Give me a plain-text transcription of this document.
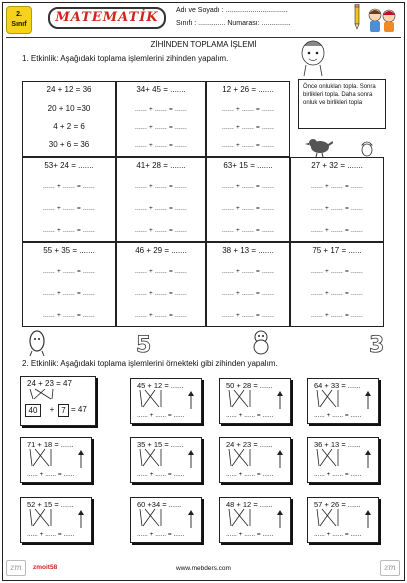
2.
Sınıf	MATEMATİK	Adı ve Soyadı : ................................
Sınıfı : .............. Numarası: ...............
ZİHİNDEN TOPLAMA İŞLEMİ
1. Etkinlik: Aşağıdaki toplama işlemlerini zihinden yapalım.
24 + 12 = 36
20 + 10 =30
4 + 2 = 6
30 + 6 = 36
34+ 45 = .......
...... + ...... = ......
...... + ...... = ......
...... + ...... = ......
12 + 26 = .......
...... + ...... = ......
...... + ...... = ......
...... + ...... = ......
Önce onlukları topla. Sonra birlikleri topla. Daha sonra onluk ve birlikleri topla
53+ 24 = .......
...... + ...... = ......
...... + ...... = ......
...... + ...... = ......
41+ 28 = .......
...... + ...... = ......
...... + ...... = ......
...... + ...... = ......
63+ 15 = .......
...... + ...... = ......
...... + ...... = ......
...... + ...... = ......
27 + 32 = .......
...... + ...... = ......
...... + ...... = ......
...... + ...... = ......
55 + 35 = .......
...... + ...... = ......
...... + ...... = ......
...... + ...... = ......
46 + 29 = .......
...... + ...... = ......
...... + ...... = ......
...... + ...... = ......
38 + 13 = .......
...... + ...... = ......
...... + ...... = ......
...... + ...... = ......
75 + 17 = ......
...... + ...... = ......
...... + ...... = ......
...... + ...... = ......
5	3
2. Etkinlik: Aşağıdaki toplama işlemlerini örnekteki gibi zihinden yapalım.
24 + 23 = 47
40	+ 7 = 47
45 + 12 = ......
...... + ...... = ......
50 + 28 = ......
...... + ...... = ......
64 + 33 = ......
...... + ...... = ......
71 + 18 = ......
...... + ...... = ......
35 + 15 = ......
...... + ...... = ......
24 + 23 = ......
...... + ...... = ......
36 + 13 = ......
...... + ...... = ......
52 + 15 = ......
...... + ...... = ......
60 +34 = ......
...... + ...... = ......
48 + 12 = ......
...... + ...... = ......
57 + 26 = ......
...... + ...... = ......
zm	zmoit58	www.mebders.com	zm
